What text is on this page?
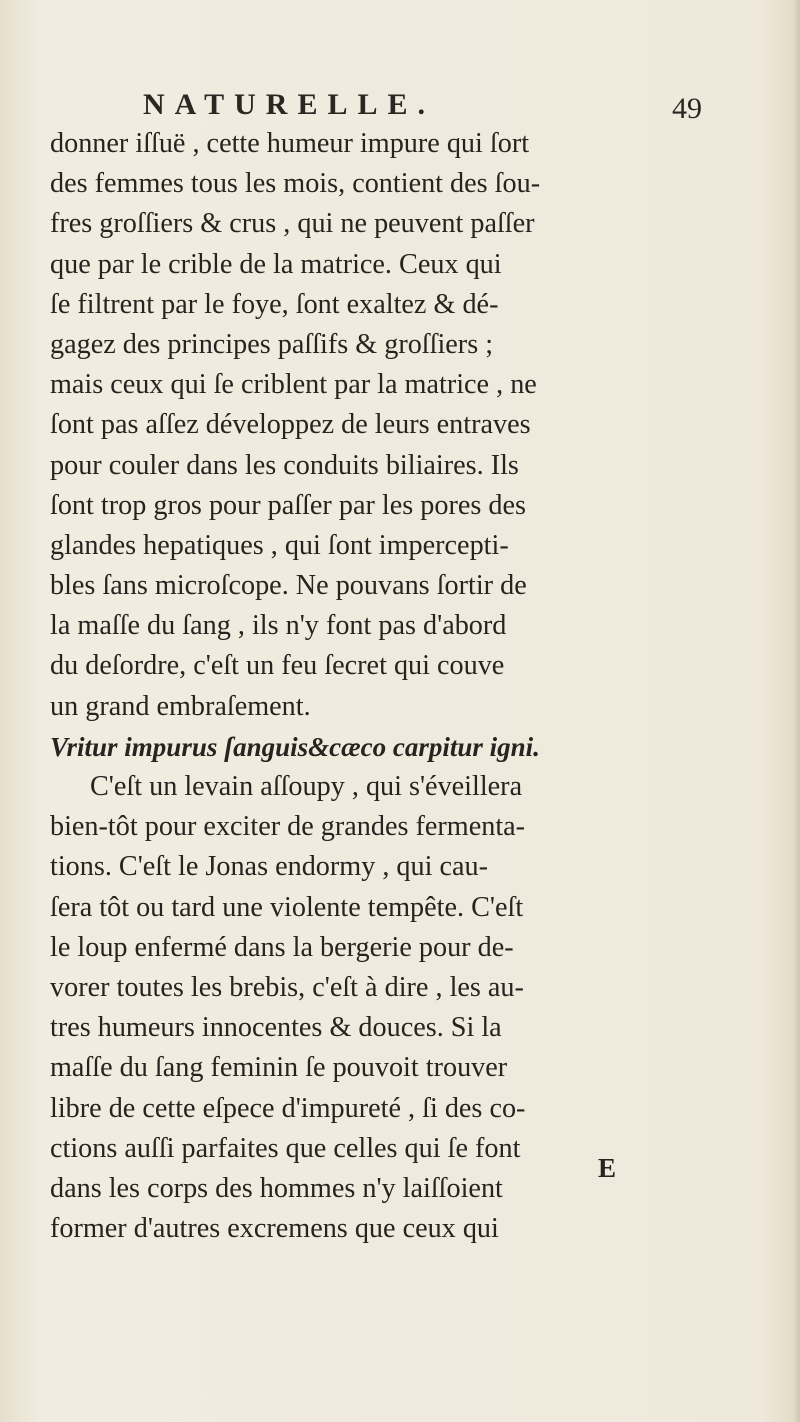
NATURELLE.	49
donner iſſuë , cette humeur impure qui ſort
des femmes tous les mois, contient des ſou-
fres groſſiers & crus , qui ne peuvent paſſer
que par le crible de la matrice. Ceux qui
ſe filtrent par le foye, ſont exaltez & dé-
gagez des principes paſſifs & groſſiers ;
mais ceux qui ſe criblent par la matrice , ne
ſont pas aſſez développez de leurs entraves
pour couler dans les conduits biliaires. Ils
ſont trop gros pour paſſer par les pores des
glandes hepatiques , qui ſont impercepti-
bles ſans microſcope. Ne pouvans ſortir de
la maſſe du ſang , ils n'y font pas d'abord
du deſordre, c'eſt un feu ſecret qui couve
un grand embraſement.
Vritur impurus ſanguis&cæco carpitur igni.
C'eſt un levain aſſoupy , qui s'éveillera
bien-tôt pour exciter de grandes fermenta-
tions. C'eſt le Jonas endormy , qui cau-
ſera tôt ou tard une violente tempête. C'eſt
le loup enfermé dans la bergerie pour de-
vorer toutes les brebis, c'eſt à dire , les au-
tres humeurs innocentes & douces. Si la
maſſe du ſang feminin ſe pouvoit trouver
libre de cette eſpece d'impureté , ſi des co-
ctions auſſi parfaites que celles qui ſe font
dans les corps des hommes n'y laiſſoient
former d'autres excremens que ceux qui
E
